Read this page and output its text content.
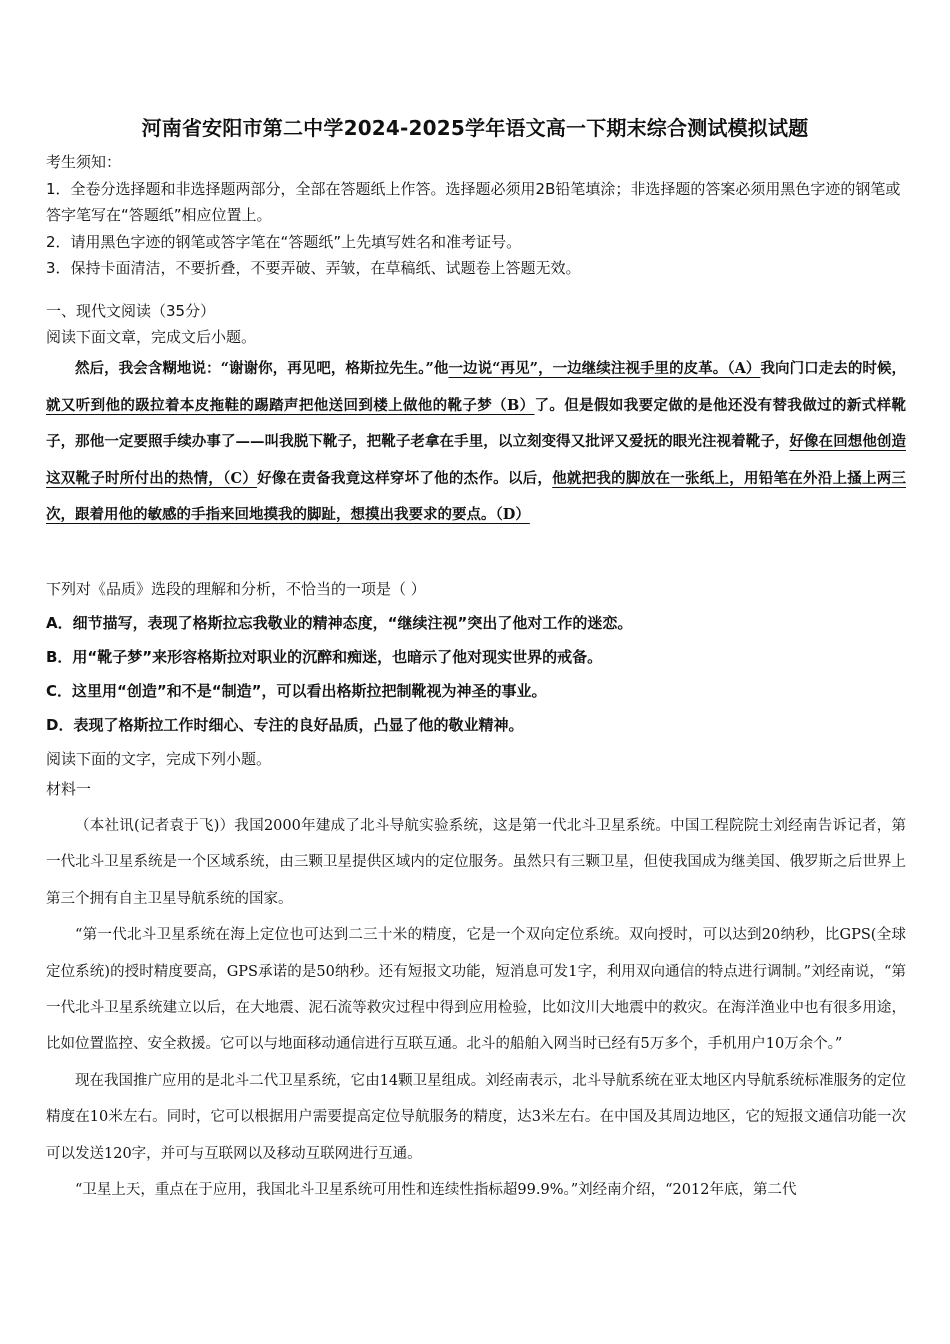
河南省安阳市第二中学2024-2025学年语文高一下期末综合测试模拟试题

考生须知：

1．全卷分选择题和非选择题两部分，全部在答题纸上作答。选择题必须用2B铅笔填涂；非选择题的答案必须用黑色字迹的钢笔或答字笔写在“答题纸”相应位置上。

2．请用黑色字迹的钢笔或答字笔在“答题纸”上先填写姓名和准考证号。

3．保持卡面清洁，不要折叠，不要弄破、弄皱，在草稿纸、试题卷上答题无效。

一、现代文阅读（35分）

阅读下面文章，完成文后小题。

然后，我会含糊地说：“谢谢你，再见吧，格斯拉先生。”他一边说“再见”，一边继续注视手里的皮革。（A）我向门口走去的时候，就又听到他的趿拉着本皮拖鞋的踢踏声把他送回到楼上做他的靴子梦（B）了。但是假如我要定做的是他还没有替我做过的新式样靴子，那他一定要照手续办事了——叫我脱下靴子，把靴子老拿在手里，以立刻变得又批评又爱抚的眼光注视着靴子，好像在回想他创造这双靴子时所付出的热情，（C）好像在责备我竟这样穿坏了他的杰作。以后，他就把我的脚放在一张纸上，用铅笔在外沿上搔上两三次，跟着用他的敏感的手指来回地摸我的脚趾，想摸出我要求的要点。（D）

下列对《品质》选段的理解和分析，不恰当的一项是（ ）

A．细节描写，表现了格斯拉忘我敬业的精神态度，“继续注视”突出了他对工作的迷恋。

B．用“靴子梦”来形容格斯拉对职业的沉醉和痴迷，也暗示了他对现实世界的戒备。

C．这里用“创造”和不是“制造”，可以看出格斯拉把制靴视为神圣的事业。

D．表现了格斯拉工作时细心、专注的良好品质，凸显了他的敬业精神。

阅读下面的文字，完成下列小题。

材料一

（本社讯(记者袁于飞)）我国2000年建成了北斗导航实验系统，这是第一代北斗卫星系统。中国工程院院士刘经南告诉记者，第一代北斗卫星系统是一个区域系统，由三颗卫星提供区域内的定位服务。虽然只有三颗卫星，但使我国成为继美国、俄罗斯之后世界上第三个拥有自主卫星导航系统的国家。

“第一代北斗卫星系统在海上定位也可达到二三十米的精度，它是一个双向定位系统。双向授时，可以达到20纳秒，比GPS(全球定位系统)的授时精度要高，GPS承诺的是50纳秒。还有短报文功能，短消息可发1字，利用双向通信的特点进行调制。”刘经南说，“第一代北斗卫星系统建立以后，在大地震、泥石流等救灾过程中得到应用检验，比如汶川大地震中的救灾。在海洋渔业中也有很多用途，比如位置监控、安全救援。它可以与地面移动通信进行互联互通。北斗的船舶入网当时已经有5万多个，手机用户10万余个。”

现在我国推广应用的是北斗二代卫星系统，它由14颗卫星组成。刘经南表示，北斗导航系统在亚太地区内导航系统标准服务的定位精度在10米左右。同时，它可以根据用户需要提高定位导航服务的精度，达3米左右。在中国及其周边地区，它的短报文通信功能一次可以发送120字，并可与互联网以及移动互联网进行互通。

“卫星上天，重点在于应用，我国北斗卫星系统可用性和连续性指标超99.9%。”刘经南介绍，“2012年底，第二代
